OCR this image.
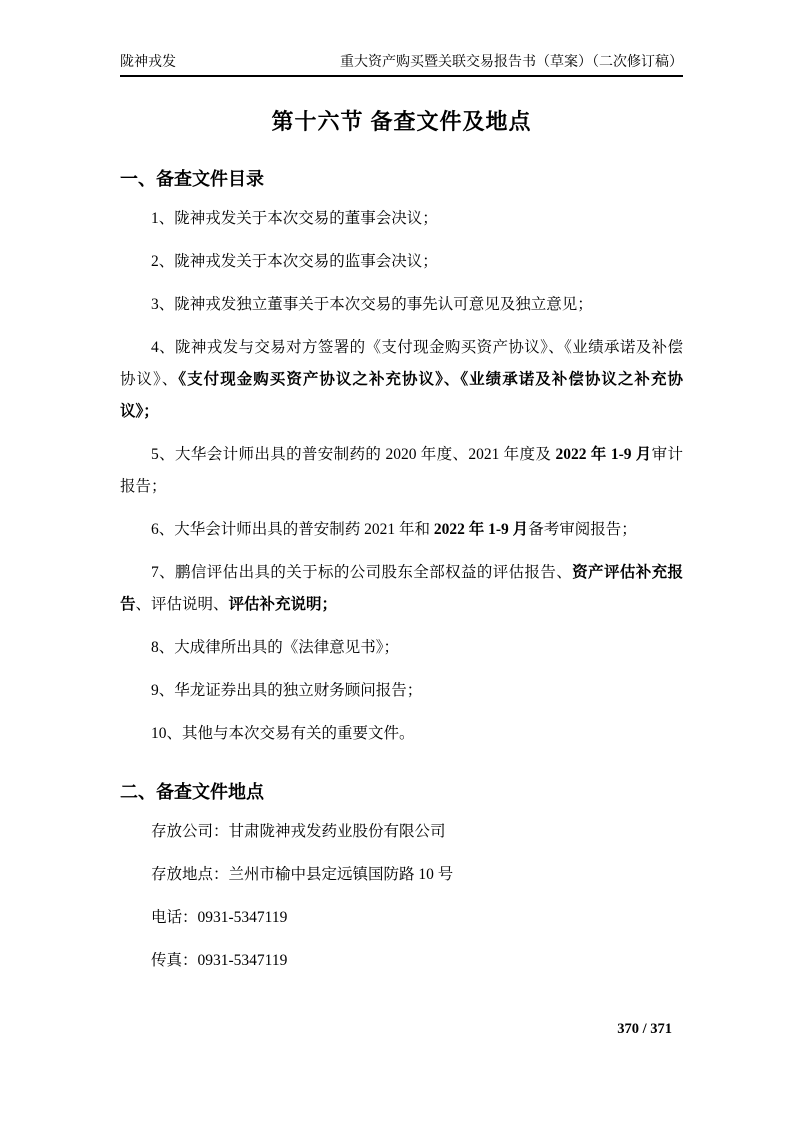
陇神戎发	重大资产购买暨关联交易报告书（草案）（二次修订稿）
第十六节 备查文件及地点
一、备查文件目录

1、陇神戎发关于本次交易的董事会决议；

2、陇神戎发关于本次交易的监事会决议；

3、陇神戎发独立董事关于本次交易的事先认可意见及独立意见；

4、陇神戎发与交易对方签署的《支付现金购买资产协议》、《业绩承诺及补偿协议》、《支付现金购买资产协议之补充协议》、《业绩承诺及补偿协议之补充协议》；

5、大华会计师出具的普安制药的 2020 年度、2021 年度及 2022 年 1-9 月审计报告；

6、大华会计师出具的普安制药 2021 年和 2022 年 1-9 月备考审阅报告；

7、鹏信评估出具的关于标的公司股东全部权益的评估报告、资产评估补充报告、评估说明、评估补充说明；

8、大成律所出具的《法律意见书》；

9、华龙证券出具的独立财务顾问报告；

10、其他与本次交易有关的重要文件。

二、备查文件地点

存放公司：甘肃陇神戎发药业股份有限公司

存放地点：兰州市榆中县定远镇国防路 10 号

电话：0931-5347119

传真：0931-5347119

370 / 371
